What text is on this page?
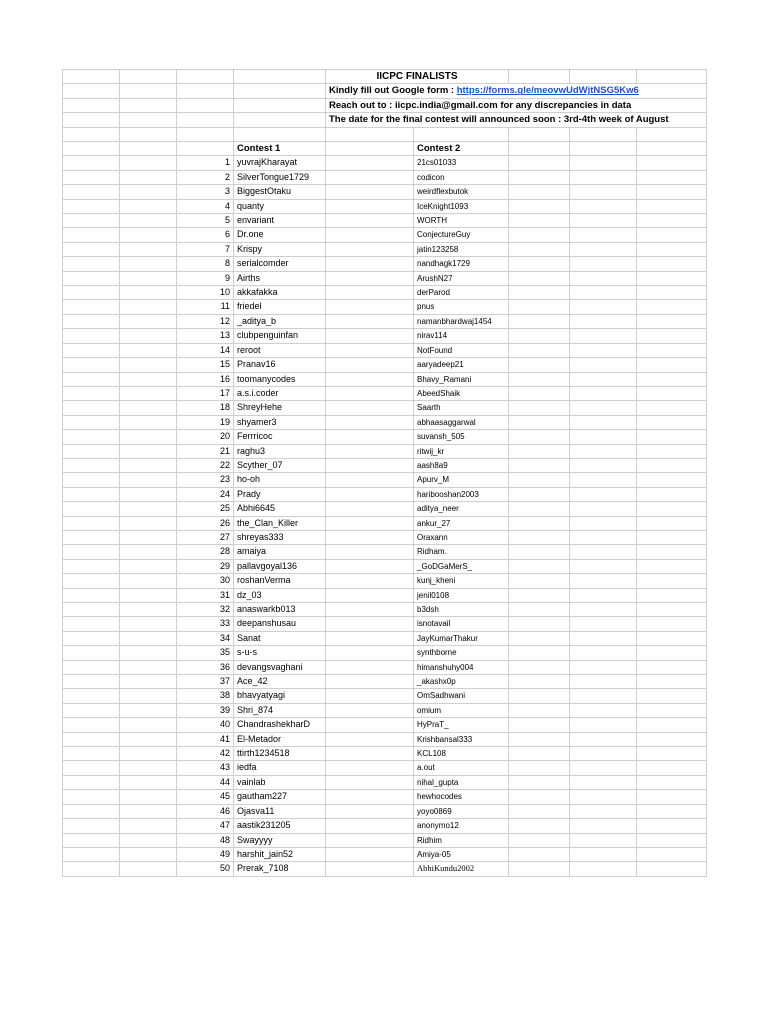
				IICPC FINALISTS				
				Kindly fill out Google form : https://forms.gle/meovwUdWjtNSG5Kw6				
				Reach out to : iicpc.india@gmail.com for any discrepancies in data				
				The date for the final contest will announced soon : 3rd-4th week of August				

			Contest 1		Contest 2			
		1	yuvrajKharayat		21cs01033			
		2	SilverTongue1729		codicon			
		3	BiggestOtaku		weirdflexbutok			
		4	quanty		IceKnight1093			
		5	envariant		WORTH			
		6	Dr.one		ConjectureGuy			
		7	Krispy		jatin123258			
		8	serialcomder		nandhagk1729			
		9	Airths		ArushN27			
		10	akkafakka		derParod			
		11	friedel		pnus			
		12	_aditya_b		namanbhardwaj1454			
		13	clubpenguinfan		nirav114			
		14	reroot		NotFound			
		15	Pranav16		aaryadeep21			
		16	toomanycodes		Bhavy_Ramani			
		17	a.s.i.coder		AbeedShaik			
		18	ShreyHehe		Saarth			
		19	shyamer3		abhaasaggarwal			
		20	Ferrricoc		suvansh_505			
		21	raghu3		ritwij_kr			
		22	Scyther_07		aash8a9			
		23	ho-oh		Apurv_M			
		24	Prady		haribooshan2003			
		25	Abhi6645		aditya_neer			
		26	the_Clan_Killer		ankur_27			
		27	shreyas333		Oraxann			
		28	amaiya		Ridham.			
		29	pallavgoyal136		_GoDGaMerS_			
		30	roshanVerma		kunj_kheni			
		31	dz_03		jenil0108			
		32	anaswarkb013		b3dsh			
		33	deepanshusau		isnotavail			
		34	Sanat		JayKumarThakur			
		35	s-u-s		synthborne			
		36	devangsvaghani		himanshuhy004			
		37	Ace_42		_akashx0p			
		38	bhavyatyagi		OmSadhwani			
		39	Shri_874		omium			
		40	ChandrashekharD		HyPraT_			
		41	El-Metador		Krishbansal333			
		42	ttirth1234518		KCL108			
		43	iedfa		a.out			
		44	vainlab		nihal_gupta			
		45	gautham227		hewhocodes			
		46	Ojasva11		yoyo0869			
		47	aastik231205		anonymo12			
		48	Swayyyy		Ridhim			
		49	harshit_jain52		Amiya-05			
		50	Prerak_7108		AbhiKundu2002			
